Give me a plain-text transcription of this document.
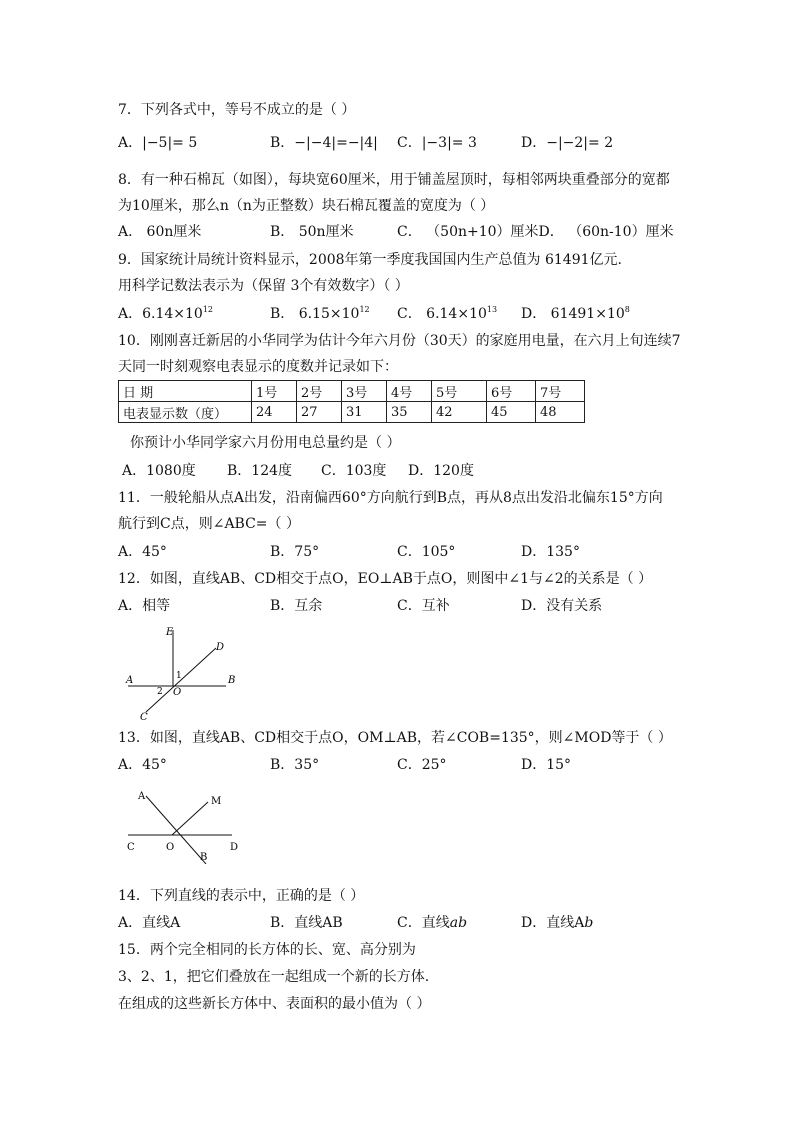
7．下列各式中，等号不成立的是（ ）
A．|−5|= 5	B．−|−4|=−|4| C．|−3|= 3	D．−|−2|= 2
8．有一种石棉瓦（如图），每块宽60厘米，用于铺盖屋顶时，每相邻两块重叠部分的宽都
为10厘米，那么n（n为正整数）块石棉瓦覆盖的宽度为（ ）
A． 60n厘米	B． 50n厘米	C． （50n+10）厘米D． （60n-10）厘米
9．国家统计局统计资料显示，2008年第一季度我国国内生产总值为 61491亿元.
用科学记数法表示为（保留 3个有效数字）（ ）
A．$6.14\times 10^{12}$	B． $6.15\times 10^{12}$ C． $6.14\times 10^{13}$ D． $61491\times 10^8$
10．刚刚喜迁新居的小华同学为估计今年六月份（30天）的家庭用电量，在六月上旬连续7
天同一时刻观察电表显示的度数并记录如下：
日 期	1号	2号	3号	4号	5号	6号	7号
电表显示数（度）	24	27	31	35	42	45	48
你预计小华同学家六月份用电总量约是（ ）
A．1080度 B．124度 C．103度 D．120度
11．一般轮船从点A出发，沿南偏西60°方向航行到B点，再从8点出发沿北偏东15°方向
航行到C点，则∠ABC=（ ）
A．45°	B．75°	C．105°	D．135°
12．如图，直线AB、CD相交于点O，EO⊥AB于点O，则图中∠1与∠2的关系是（ ）
A．相等	B．互余	C．互补	D．没有关系
E
D
A	B
C
O
1
2
13．如图，直线AB、CD相交于点O，OM⊥AB，若∠COB=135°，则∠MOD等于（ ）
A．45°	B．35°	C．25°	D．15°
A	M
C	O	D
B
14．下列直线的表示中，正确的是（ ）
A．直线A	B．直线AB	C．直线ab	D．直线Ab
15．两个完全相同的长方体的长、宽、高分别为
3、2、1，把它们叠放在一起组成一个新的长方体.
在组成的这些新长方体中、表面积的最小值为（ ）
